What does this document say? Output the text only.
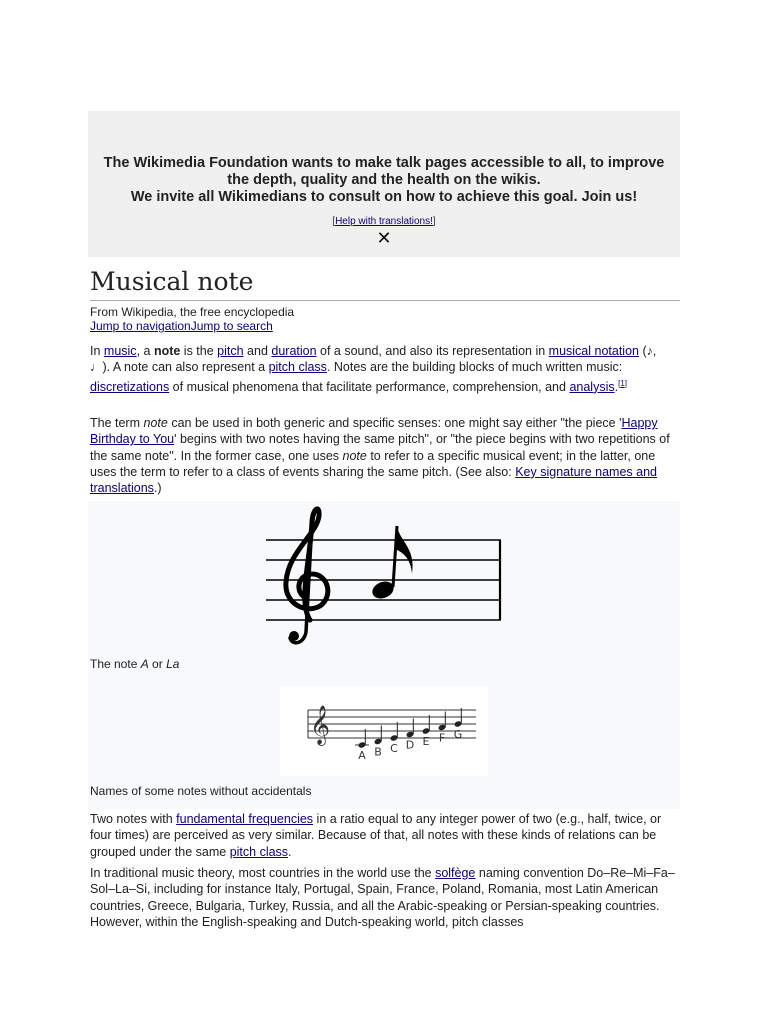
The Wikimedia Foundation wants to make talk pages accessible to all, to improve the depth, quality and the health on the wikis.
We invite all Wikimedians to consult on how to achieve this goal. Join us!
[Help with translations!]
✕
Musical note
From Wikipedia, the free encyclopedia
Jump to navigationJump to search

In music, a note is the pitch and duration of a sound, and also its representation in musical notation (♪, ♩). A note can also represent a pitch class. Notes are the building blocks of much written music: discretizations of musical phenomena that facilitate performance, comprehension, and analysis.[1]

The term note can be used in both generic and specific senses: one might say either "the piece 'Happy Birthday to You' begins with two notes having the same pitch", or "the piece begins with two repetitions of the same note". In the former case, one uses note to refer to a specific musical event; in the latter, one uses the term to refer to a class of events sharing the same pitch. (See also: Key signature names and translations.)

The note A or La
𝄞
A B C D E F G
Names of some notes without accidentals

Two notes with fundamental frequencies in a ratio equal to any integer power of two (e.g., half, twice, or four times) are perceived as very similar. Because of that, all notes with these kinds of relations can be grouped under the same pitch class.

In traditional music theory, most countries in the world use the solfège naming convention Do–Re–Mi–Fa–Sol–La–Si, including for instance Italy, Portugal, Spain, France, Poland, Romania, most Latin American countries, Greece, Bulgaria, Turkey, Russia, and all the Arabic-speaking or Persian-speaking countries. However, within the English-speaking and Dutch-speaking world, pitch classes
